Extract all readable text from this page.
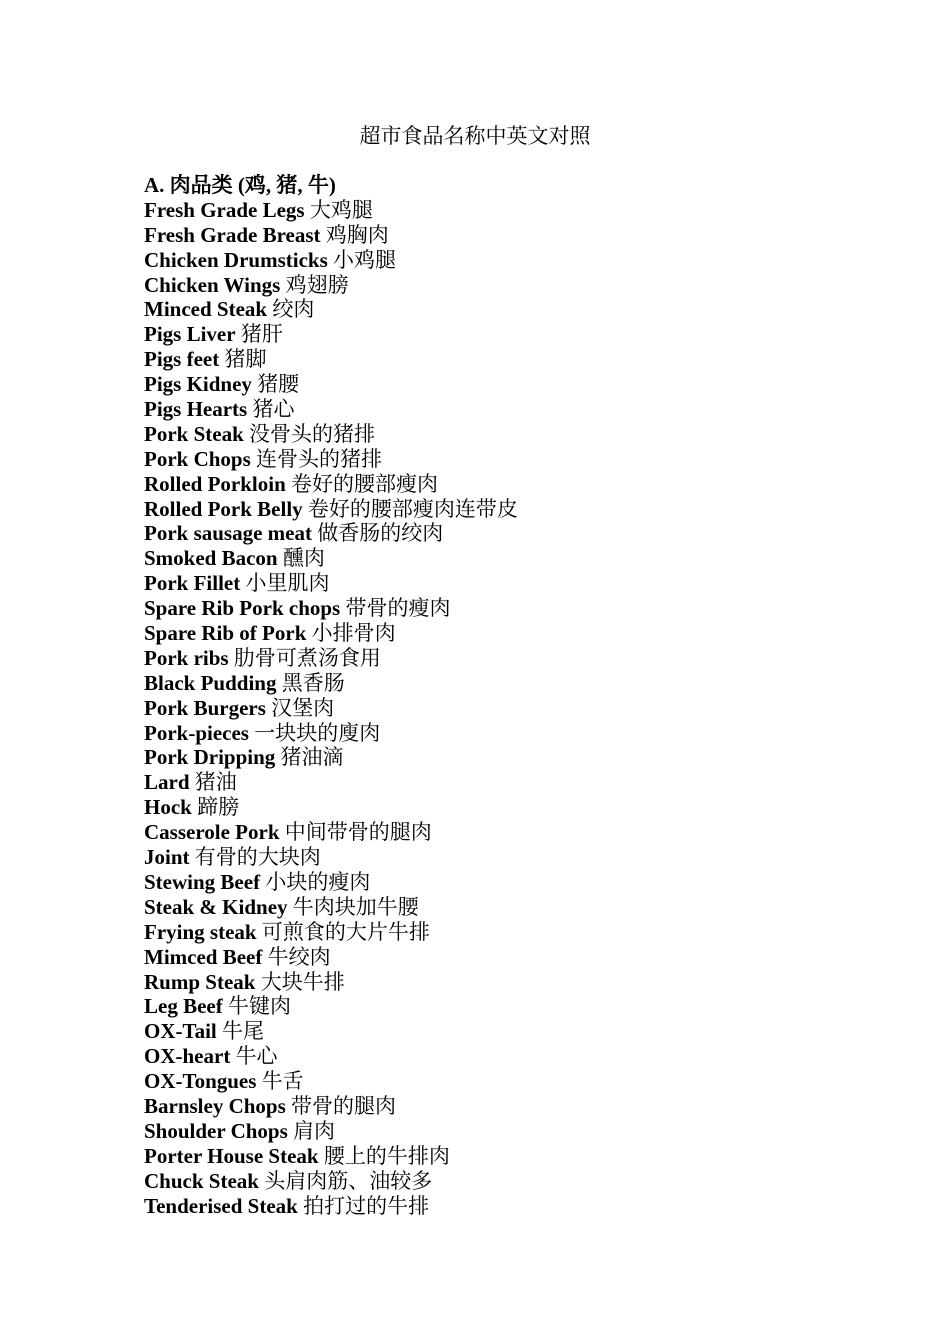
超市食品名称中英文对照
A. 肉品类 (鸡, 猪, 牛)
Fresh Grade Legs 大鸡腿
Fresh Grade Breast 鸡胸肉
Chicken Drumsticks 小鸡腿
Chicken Wings 鸡翅膀
Minced Steak 绞肉
Pigs Liver 猪肝
Pigs feet 猪脚
Pigs Kidney 猪腰
Pigs Hearts 猪心
Pork Steak 没骨头的猪排
Pork Chops 连骨头的猪排
Rolled Porkloin 卷好的腰部瘦肉
Rolled Pork Belly 卷好的腰部瘦肉连带皮
Pork sausage meat 做香肠的绞肉
Smoked Bacon 醺肉
Pork Fillet 小里肌肉
Spare Rib Pork chops 带骨的瘦肉
Spare Rib of Pork 小排骨肉
Pork ribs 肋骨可煮汤食用
Black Pudding 黑香肠
Pork Burgers 汉堡肉
Pork-pieces 一块块的廋肉
Pork Dripping 猪油滴
Lard 猪油
Hock 蹄膀
Casserole Pork 中间带骨的腿肉
Joint 有骨的大块肉
Stewing Beef 小块的瘦肉
Steak & Kidney 牛肉块加牛腰
Frying steak 可煎食的大片牛排
Mimced Beef 牛绞肉
Rump Steak 大块牛排
Leg Beef 牛键肉
OX-Tail 牛尾
OX-heart 牛心
OX-Tongues 牛舌
Barnsley Chops 带骨的腿肉
Shoulder Chops 肩肉
Porter House Steak 腰上的牛排肉
Chuck Steak 头肩肉筋、油较多
Tenderised Steak 拍打过的牛排
